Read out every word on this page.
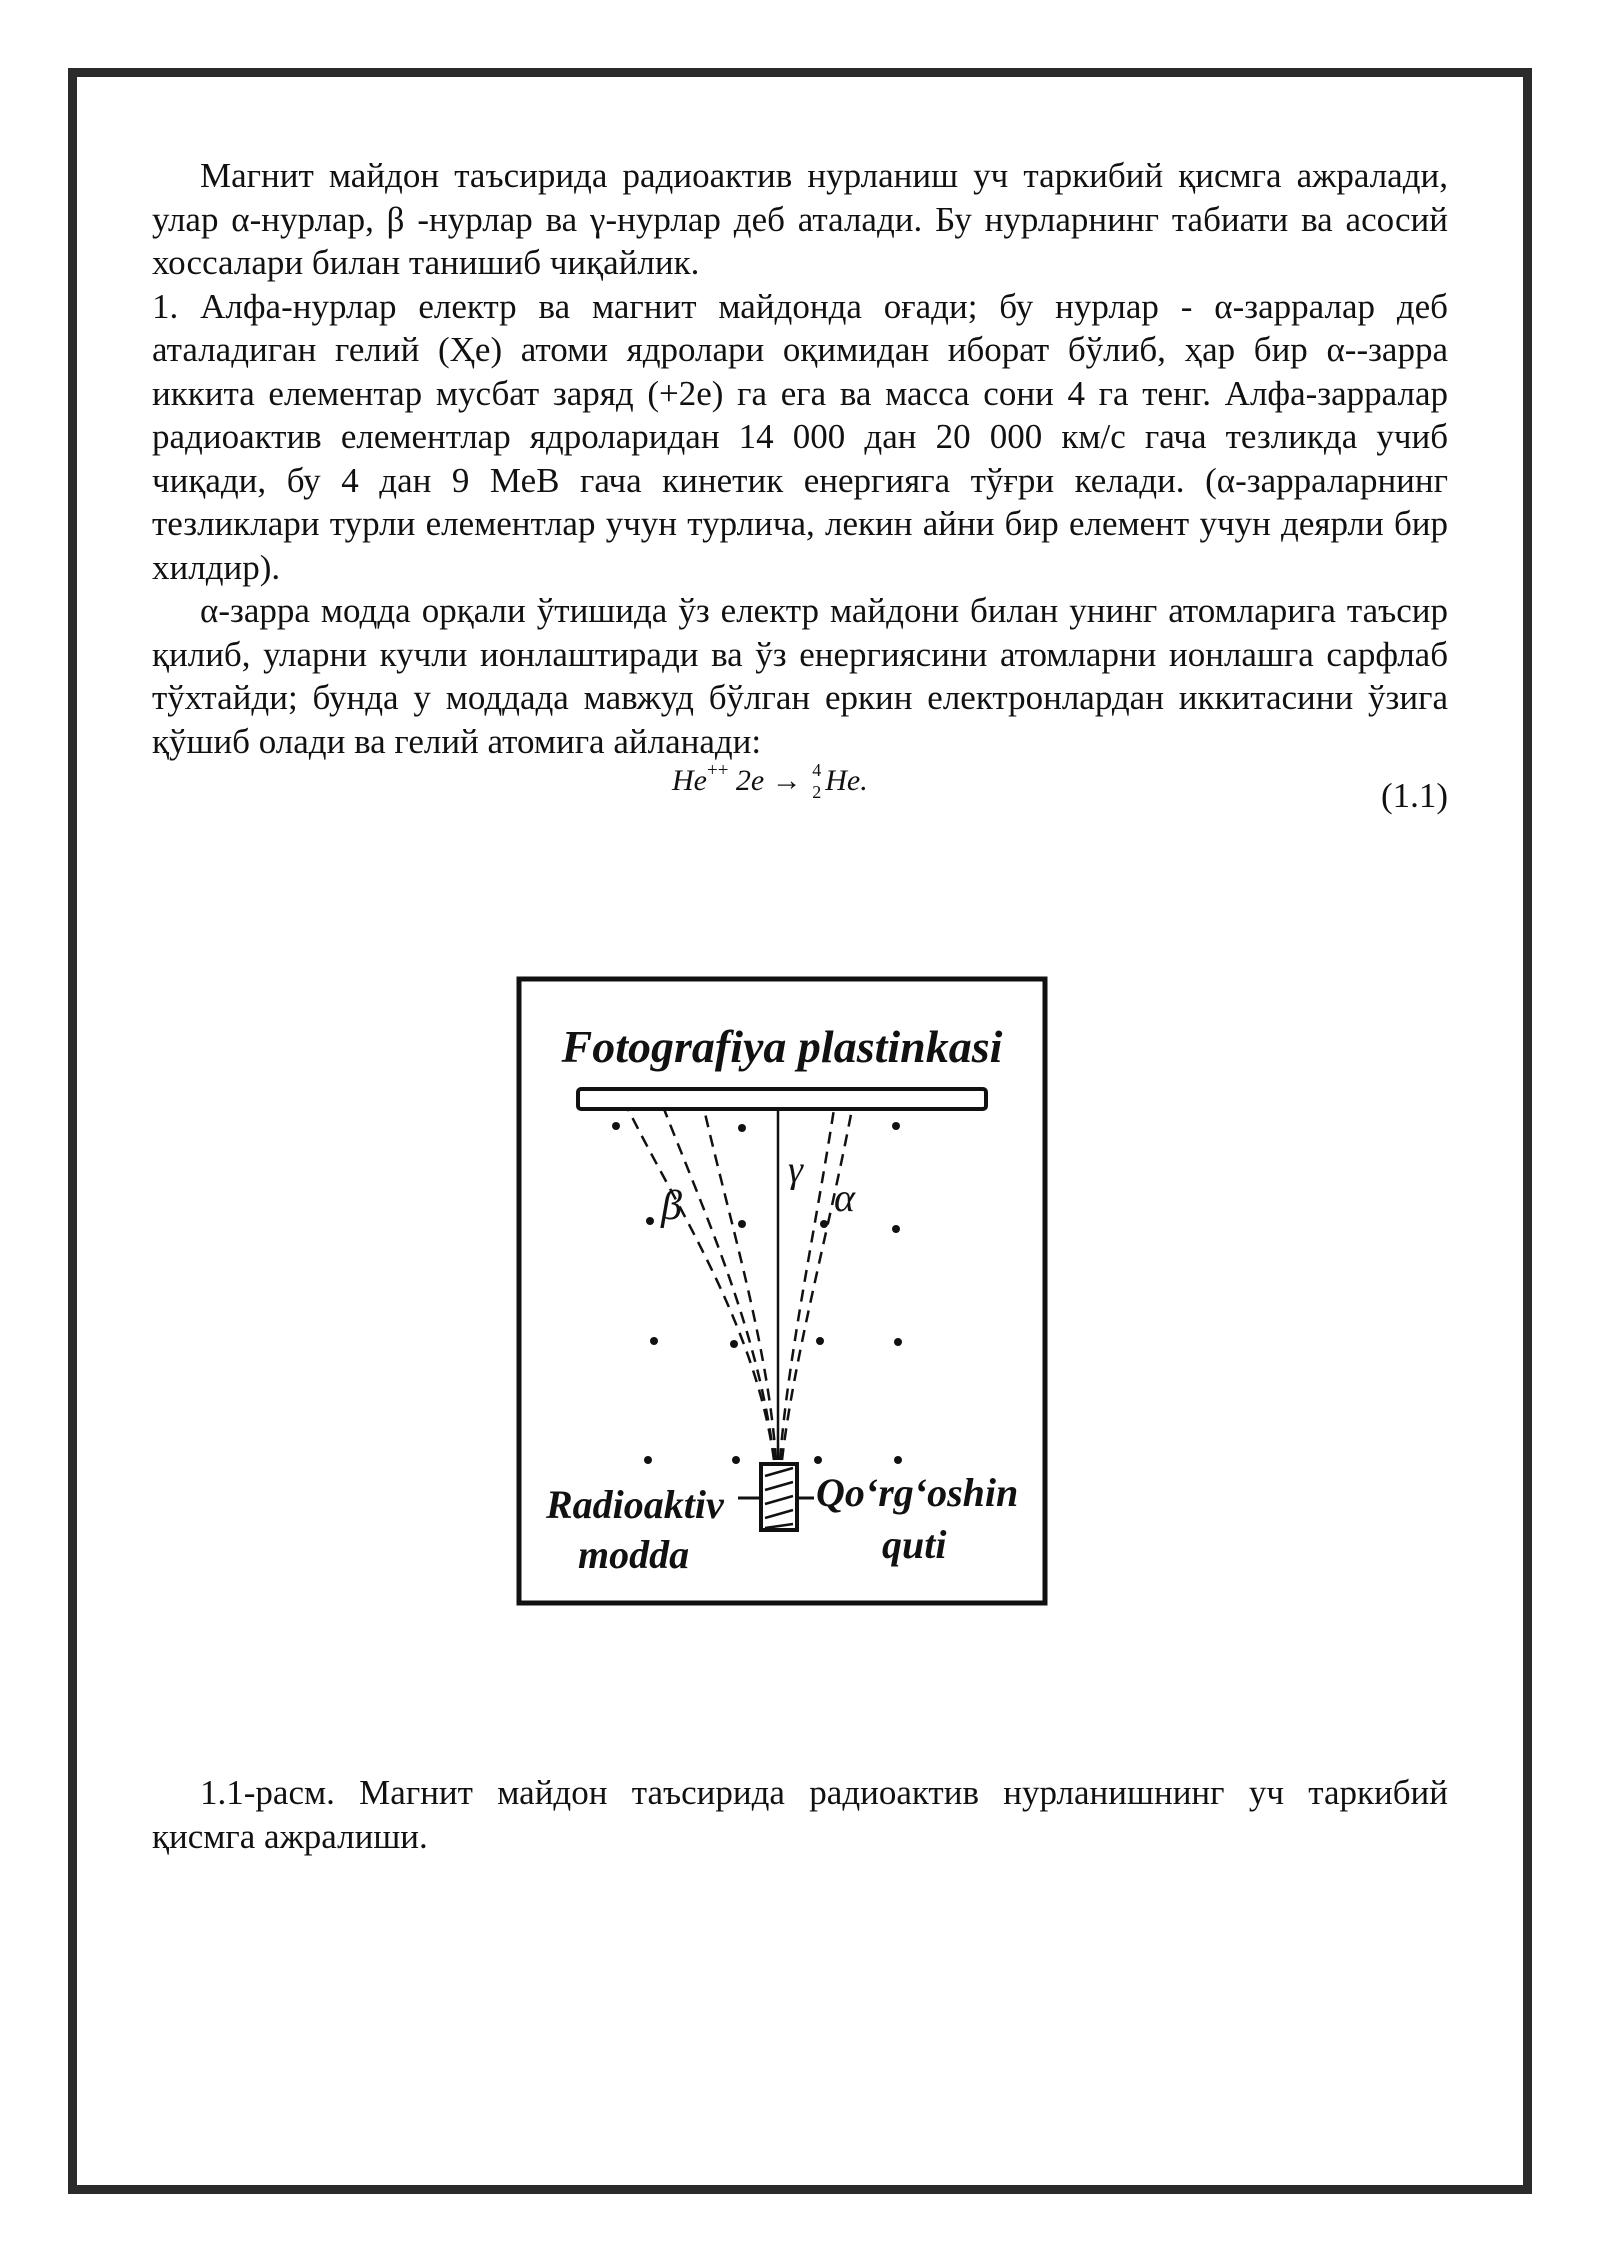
Магнит майдон таъсирида радиоактив нурланиш уч таркибий қисмга ажралади, улар α-нурлар, β -нурлар ва γ-нурлар деб аталади. Бу нурларнинг табиати ва асосий хоссалари билан танишиб чиқайлик.

1. Алфа-нурлар електр ва магнит майдонда оғади; бу нурлар - α-зарралар деб аталадиган гелий (Ҳе) атоми ядролари оқимидан иборат бўлиб, ҳар бир α--зарра иккита елементар мусбат заряд (+2е) га ега ва масса сони 4 га тенг. Алфа-зарралар радиоактив елементлар ядроларидан 14 000 дан 20 000 км/с гача тезликда учиб чиқади, бу 4 дан 9 МеВ гача кинетик енергияга тўғри келади. (α-зарраларнинг тезликлари турли елементлар учун турлича, лекин айни бир елемент учун деярли бир хилдир).

α-зарра модда орқали ўтишида ўз електр майдони билан унинг атомларига таъсир қилиб, уларни кучли ионлаштиради ва ўз енергиясини атомларни ионлашга сарфлаб тўхтайди; бунда у моддада мавжуд бўлган еркин електронлардан иккитасини ўзига қўшиб олади ва гелий атомига айланади:

He++ 2e → 4
2 He.	(1.1)
Fotografiya plastinkasi
β
γ
α
Radioaktiv
modda
Qo‘rg‘oshin
quti

1.1-расм. Магнит майдон таъсирида радиоактив нурланишнинг уч таркибий қисмга ажралиши.
